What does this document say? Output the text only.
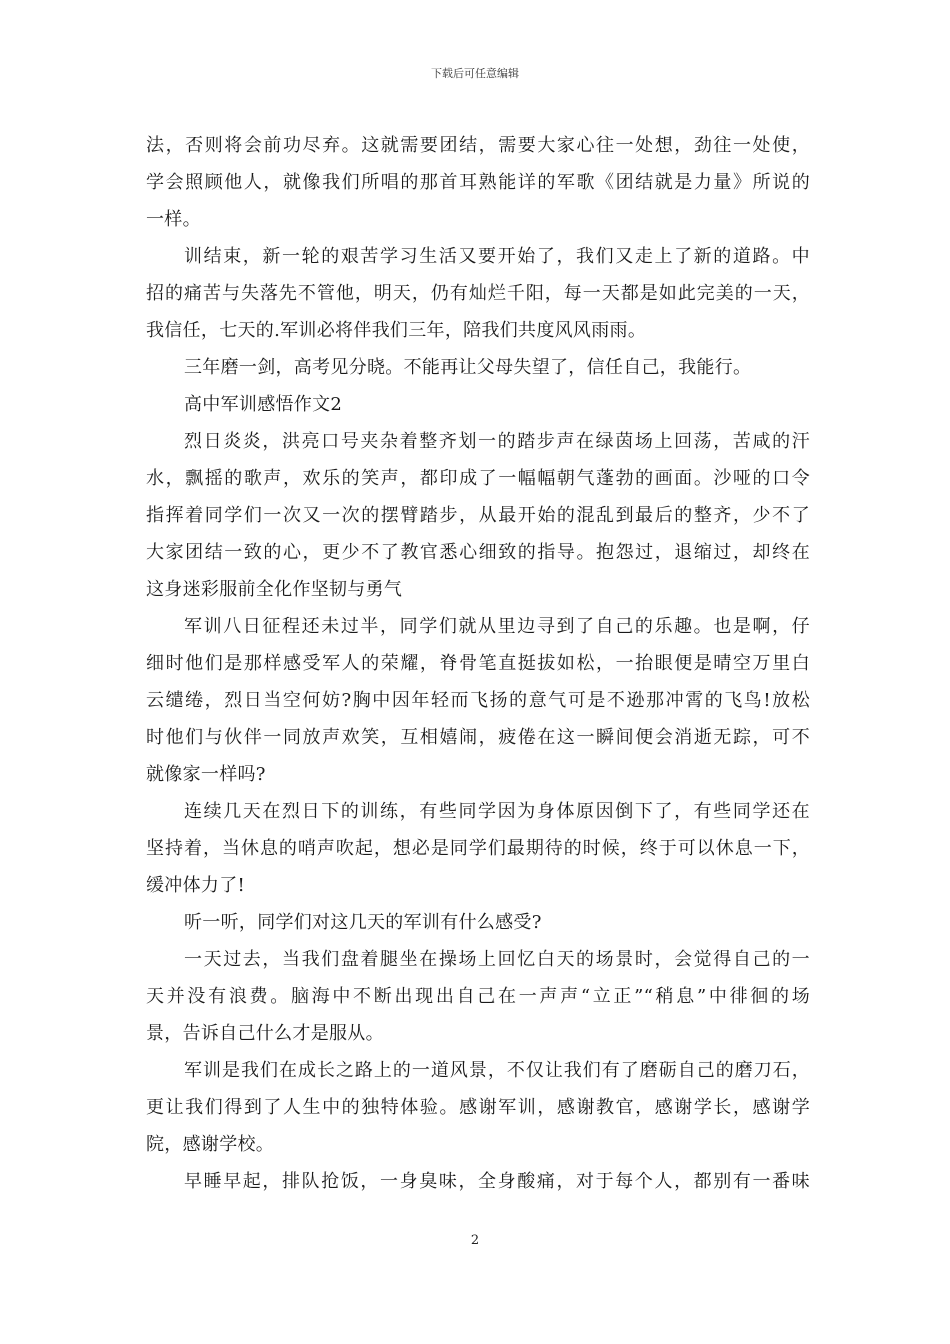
下载后可任意编辑
法，否则将会前功尽弃。这就需要团结，需要大家心往一处想，劲往一处使，
学会照顾他人，就像我们所唱的那首耳熟能详的军歌《团结就是力量》所说的
一样。
训结束，新一轮的艰苦学习生活又要开始了，我们又走上了新的道路。中
招的痛苦与失落先不管他，明天，仍有灿烂千阳，每一天都是如此完美的一天，
我信任，七天的.军训必将伴我们三年，陪我们共度风风雨雨。
三年磨一剑，高考见分晓。不能再让父母失望了，信任自己，我能行。
高中军训感悟作文2
烈日炎炎，洪亮口号夹杂着整齐划一的踏步声在绿茵场上回荡，苦咸的汗
水，飘摇的歌声，欢乐的笑声，都印成了一幅幅朝气蓬勃的画面。沙哑的口令
指挥着同学们一次又一次的摆臂踏步，从最开始的混乱到最后的整齐，少不了
大家团结一致的心，更少不了教官悉心细致的指导。抱怨过，退缩过，却终在
这身迷彩服前全化作坚韧与勇气
军训八日征程还未过半，同学们就从里边寻到了自己的乐趣。也是啊，仔
细时他们是那样感受军人的荣耀，脊骨笔直挺拔如松，一抬眼便是晴空万里白
云缱绻，烈日当空何妨?胸中因年轻而飞扬的意气可是不逊那冲霄的飞鸟!放松
时他们与伙伴一同放声欢笑，互相嬉闹，疲倦在这一瞬间便会消逝无踪，可不
就像家一样吗?
连续几天在烈日下的训练，有些同学因为身体原因倒下了，有些同学还在
坚持着，当休息的哨声吹起，想必是同学们最期待的时候，终于可以休息一下，
缓冲体力了!
听一听，同学们对这几天的军训有什么感受?
一天过去，当我们盘着腿坐在操场上回忆白天的场景时，会觉得自己的一
天并没有浪费。脑海中不断出现出自己在一声声“立正”“稍息”中徘徊的场
景，告诉自己什么才是服从。
军训是我们在成长之路上的一道风景，不仅让我们有了磨砺自己的磨刀石，
更让我们得到了人生中的独特体验。感谢军训，感谢教官，感谢学长，感谢学
院，感谢学校。
早睡早起，排队抢饭，一身臭味，全身酸痛，对于每个人，都别有一番味
2
